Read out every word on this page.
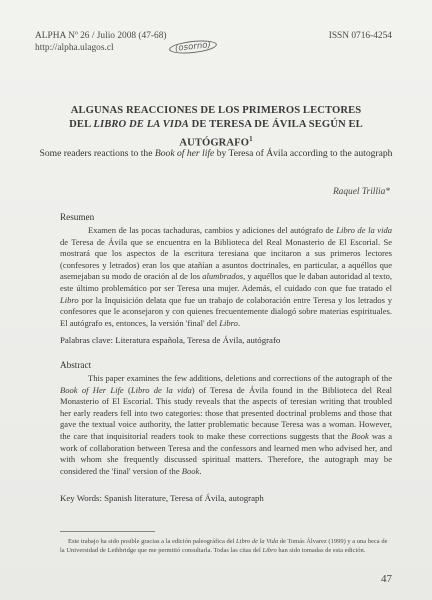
ALPHA Nº 26 / Julio 2008 (47-68)	ISSN 0716-4254
http://alpha.ulagos.cl	(osorno)
ALGUNAS REACCIONES DE LOS PRIMEROS LECTORES
DEL LIBRO DE LA VIDA DE TERESA DE ÁVILA SEGÚN EL
AUTÓGRAFO$^1$
Some readers reactions to the Book of her life by Teresa of Ávila according to the autograph
Raquel Trillia*
Resumen
Examen de las pocas tachaduras, cambios y adiciones del autógrafo de Libro de la vida de Teresa de Ávila que se encuentra en la Biblioteca del Real Monasterio de El Escorial. Se mostrará que los aspectos de la escritura teresiana que incitaron a sus primeros lectores (confesores y letrados) eran los que atañían a asuntos doctrinales, en particular, a aquéllos que asemejaban su modo de oración al de los alumbrados, y aquéllos que le daban autoridad al texto, este último problemático por ser Teresa una mujer. Además, el cuidado con que fue tratado el Libro por la Inquisición delata que fue un trabajo de colaboración entre Teresa y los letrados y confesores que le aconsejaron y con quienes frecuentemente dialogó sobre materias espirituales. El autógrafo es, entonces, la versión 'final' del Libro.
Palabras clave: Literatura española, Teresa de Ávila, autógrafo
Abstract
This paper examines the few additions, deletions and corrections of the autograph of the Book of Her Life (Libro de la vida) of Teresa de Ávila found in the Biblioteca del Real Monasterio of El Escorial. This study reveals that the aspects of teresian writing that troubled her early readers fell into two categories: those that presented doctrinal problems and those that gave the textual voice authority, the latter problematic because Teresa was a woman. However, the care that inquisitorial readers took to make these corrections suggests that the Book was a work of collaboration between Teresa and the confessors and learned men who advised her, and with whom she frequently discussed spiritual matters. Therefore, the autograph may be considered the 'final' version of the Book.
Key Words: Spanish literature, Teresa of Ávila, autograph
Este trabajo ha sido posible gracias a la edición paleográfica del Libro de la Vida de Tomás Álvarez (1999) y a una beca de la Universidad de Lethbridge que me permitió consultarla. Todas las citas del Libro han sido tomadas de esta edición.
47
